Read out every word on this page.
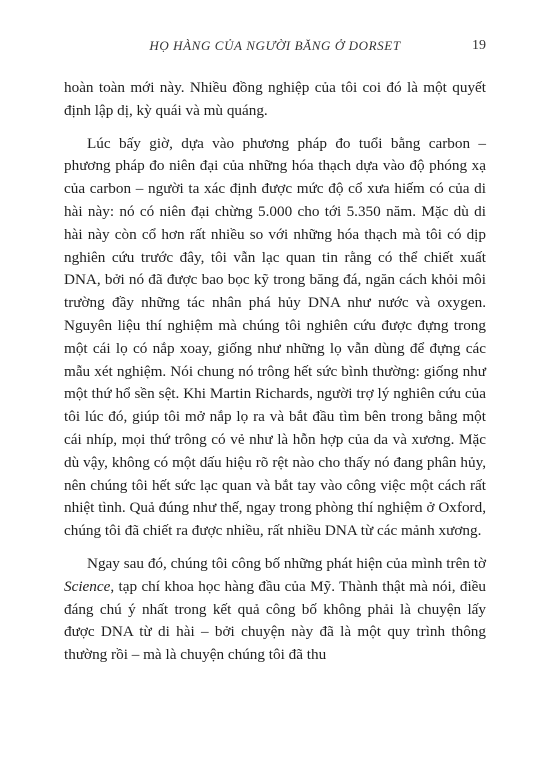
HỌ HÀNG CỦA NGƯỜI BĂNG Ở DORSET	19

hoàn toàn mới này. Nhiều đồng nghiệp của tôi coi đó là một quyết định lập dị, kỳ quái và mù quáng.

Lúc bấy giờ, dựa vào phương pháp đo tuổi bằng carbon – phương pháp đo niên đại của những hóa thạch dựa vào độ phóng xạ của carbon – người ta xác định được mức độ cổ xưa hiếm có của di hài này: nó có niên đại chừng 5.000 cho tới 5.350 năm. Mặc dù di hài này còn cổ hơn rất nhiều so với những hóa thạch mà tôi có dịp nghiên cứu trước đây, tôi vẫn lạc quan tin rằng có thể chiết xuất DNA, bởi nó đã được bao bọc kỹ trong băng đá, ngăn cách khỏi môi trường đầy những tác nhân phá hủy DNA như nước và oxygen. Nguyên liệu thí nghiệm mà chúng tôi nghiên cứu được đựng trong một cái lọ có nắp xoay, giống như những lọ vẫn dùng để đựng các mẫu xét nghiệm. Nói chung nó trông hết sức bình thường: giống như một thứ hổ sền sệt. Khi Martin Richards, người trợ lý nghiên cứu của tôi lúc đó, giúp tôi mở nắp lọ ra và bắt đầu tìm bên trong bằng một cái nhíp, mọi thứ trông có vẻ như là hỗn hợp của da và xương. Mặc dù vậy, không có một dấu hiệu rõ rệt nào cho thấy nó đang phân hủy, nên chúng tôi hết sức lạc quan và bắt tay vào công việc một cách rất nhiệt tình. Quả đúng như thế, ngay trong phòng thí nghiệm ở Oxford, chúng tôi đã chiết ra được nhiều, rất nhiều DNA từ các mảnh xương.

Ngay sau đó, chúng tôi công bố những phát hiện của mình trên tờ Science, tạp chí khoa học hàng đầu của Mỹ. Thành thật mà nói, điều đáng chú ý nhất trong kết quả công bố không phải là chuyện lấy được DNA từ di hài – bởi chuyện này đã là một quy trình thông thường rồi – mà là chuyện chúng tôi đã thu
